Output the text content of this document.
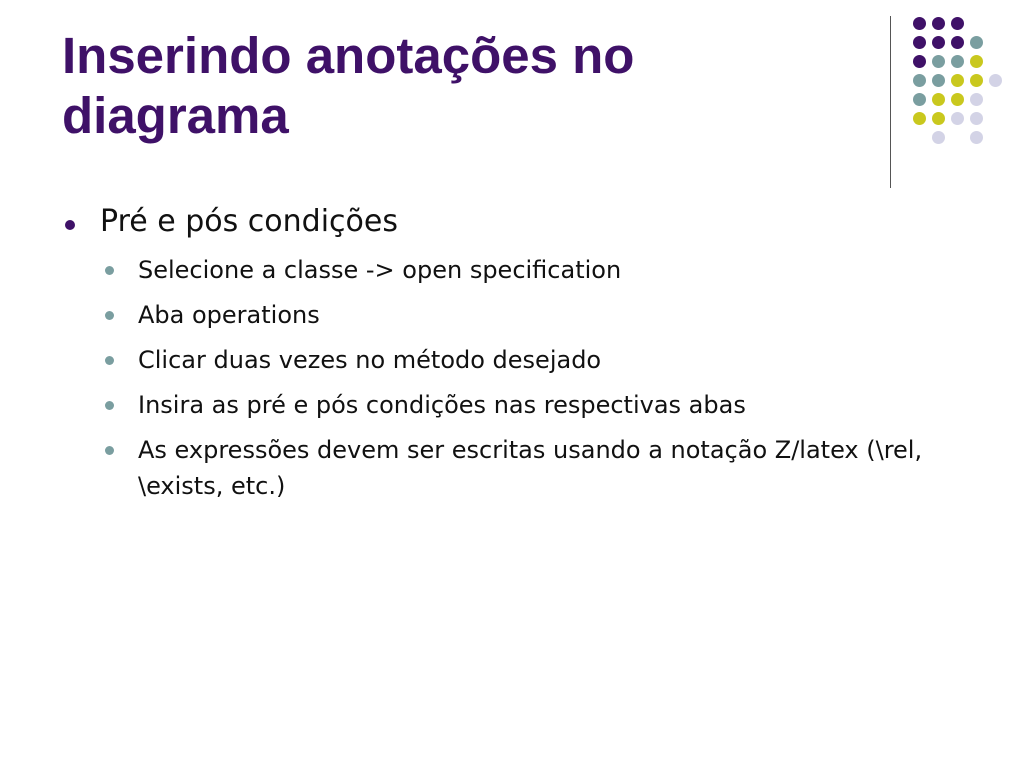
Inserindo anotações no diagrama
Pré e pós condições
Selecione a classe -> open specification
Aba operations
Clicar duas vezes no método desejado
Insira as pré e pós condições nas respectivas abas
As expressões devem ser escritas usando a notação Z/latex (\rel, \exists, etc.)
